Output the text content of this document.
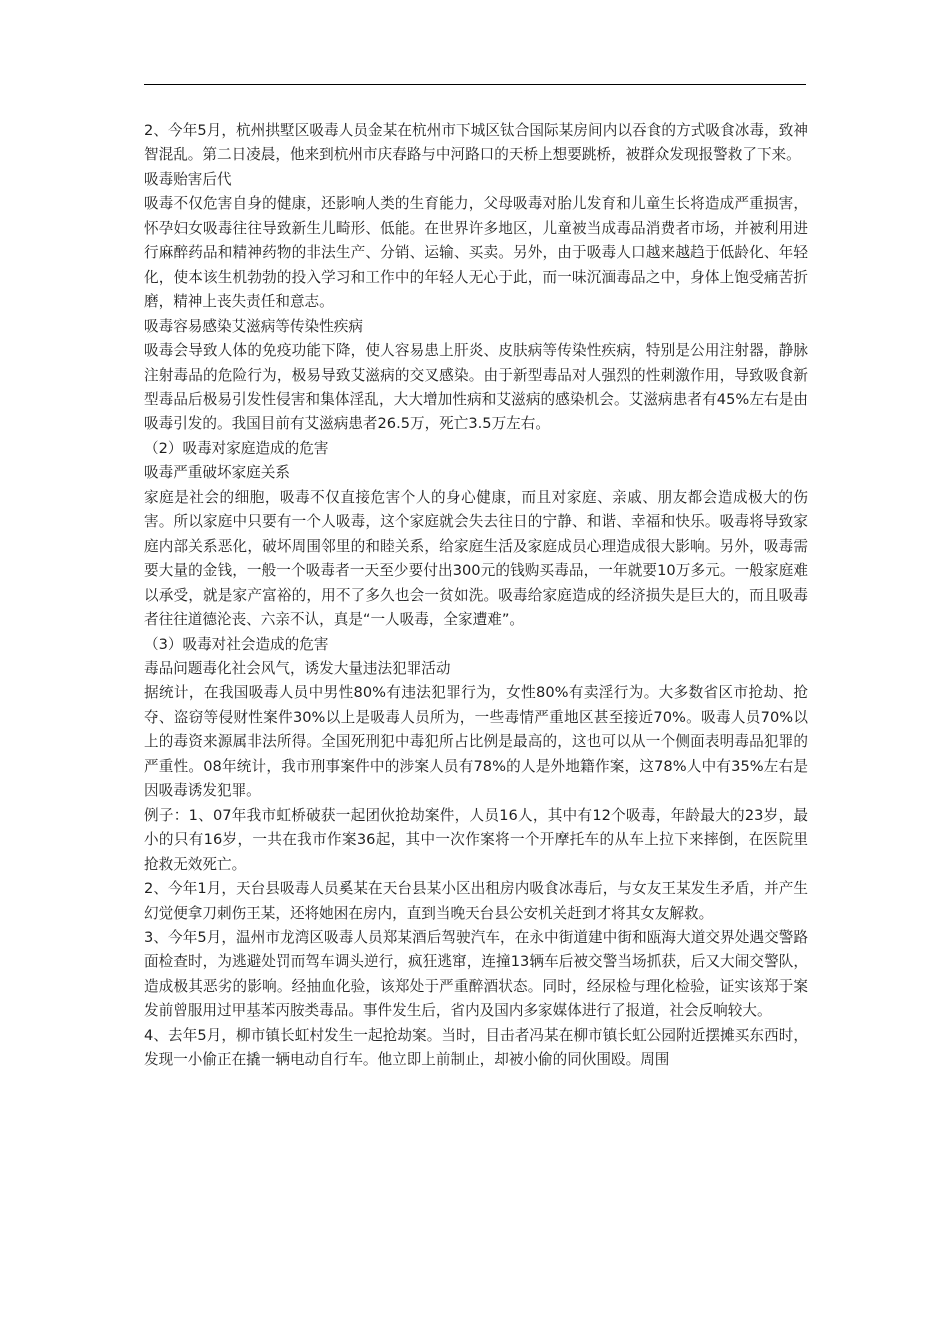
2、今年5月，杭州拱墅区吸毒人员金某在杭州市下城区钛合国际某房间内以吞食的方式吸食冰毒，致神智混乱。第二日凌晨，他来到杭州市庆春路与中河路口的天桥上想要跳桥，被群众发现报警救了下来。

吸毒贻害后代

吸毒不仅危害自身的健康，还影响人类的生育能力，父母吸毒对胎儿发育和儿童生长将造成严重损害，怀孕妇女吸毒往往导致新生儿畸形、低能。在世界许多地区，儿童被当成毒品消费者市场，并被利用进行麻醉药品和精神药物的非法生产、分销、运输、买卖。另外，由于吸毒人口越来越趋于低龄化、年轻化，使本该生机勃勃的投入学习和工作中的年轻人无心于此，而一味沉湎毒品之中，身体上饱受痛苦折磨，精神上丧失责任和意志。

吸毒容易感染艾滋病等传染性疾病

吸毒会导致人体的免疫功能下降，使人容易患上肝炎、皮肤病等传染性疾病，特别是公用注射器，静脉注射毒品的危险行为，极易导致艾滋病的交叉感染。由于新型毒品对人强烈的性刺激作用，导致吸食新型毒品后极易引发性侵害和集体淫乱，大大增加性病和艾滋病的感染机会。艾滋病患者有45%左右是由吸毒引发的。我国目前有艾滋病患者26.5万，死亡3.5万左右。

（2）吸毒对家庭造成的危害

吸毒严重破坏家庭关系

家庭是社会的细胞，吸毒不仅直接危害个人的身心健康，而且对家庭、亲戚、朋友都会造成极大的伤害。所以家庭中只要有一个人吸毒，这个家庭就会失去往日的宁静、和谐、幸福和快乐。吸毒将导致家庭内部关系恶化，破坏周围邻里的和睦关系，给家庭生活及家庭成员心理造成很大影响。另外，吸毒需要大量的金钱，一般一个吸毒者一天至少要付出300元的钱购买毒品，一年就要10万多元。一般家庭难以承受，就是家产富裕的，用不了多久也会一贫如洗。吸毒给家庭造成的经济损失是巨大的，而且吸毒者往往道德沦丧、六亲不认，真是“一人吸毒，全家遭难”。

（3）吸毒对社会造成的危害

毒品问题毒化社会风气，诱发大量违法犯罪活动

据统计，在我国吸毒人员中男性80%有违法犯罪行为，女性80%有卖淫行为。大多数省区市抢劫、抢夺、盗窃等侵财性案件30%以上是吸毒人员所为，一些毒情严重地区甚至接近70%。吸毒人员70%以上的毒资来源属非法所得。全国死刑犯中毒犯所占比例是最高的，这也可以从一个侧面表明毒品犯罪的严重性。08年统计，我市刑事案件中的涉案人员有78%的人是外地籍作案，这78%人中有35%左右是因吸毒诱发犯罪。

例子：1、07年我市虹桥破获一起团伙抢劫案件，人员16人，其中有12个吸毒，年龄最大的23岁，最小的只有16岁，一共在我市作案36起，其中一次作案将一个开摩托车的从车上拉下来摔倒，在医院里抢救无效死亡。

2、今年1月，天台县吸毒人员奚某在天台县某小区出租房内吸食冰毒后，与女友王某发生矛盾，并产生幻觉便拿刀刺伤王某，还将她困在房内，直到当晚天台县公安机关赶到才将其女友解救。

3、今年5月，温州市龙湾区吸毒人员郑某酒后驾驶汽车，在永中街道建中街和瓯海大道交界处遇交警路面检查时，为逃避处罚而驾车调头逆行，疯狂逃窜，连撞13辆车后被交警当场抓获，后又大闹交警队，造成极其恶劣的影响。经抽血化验，该郑处于严重醉酒状态。同时，经尿检与理化检验，证实该郑于案发前曾服用过甲基苯丙胺类毒品。事件发生后，省内及国内多家媒体进行了报道，社会反响较大。

4、去年5月，柳市镇长虹村发生一起抢劫案。当时，目击者冯某在柳市镇长虹公园附近摆摊买东西时，发现一小偷正在撬一辆电动自行车。他立即上前制止，却被小偷的同伙围殴。周围
